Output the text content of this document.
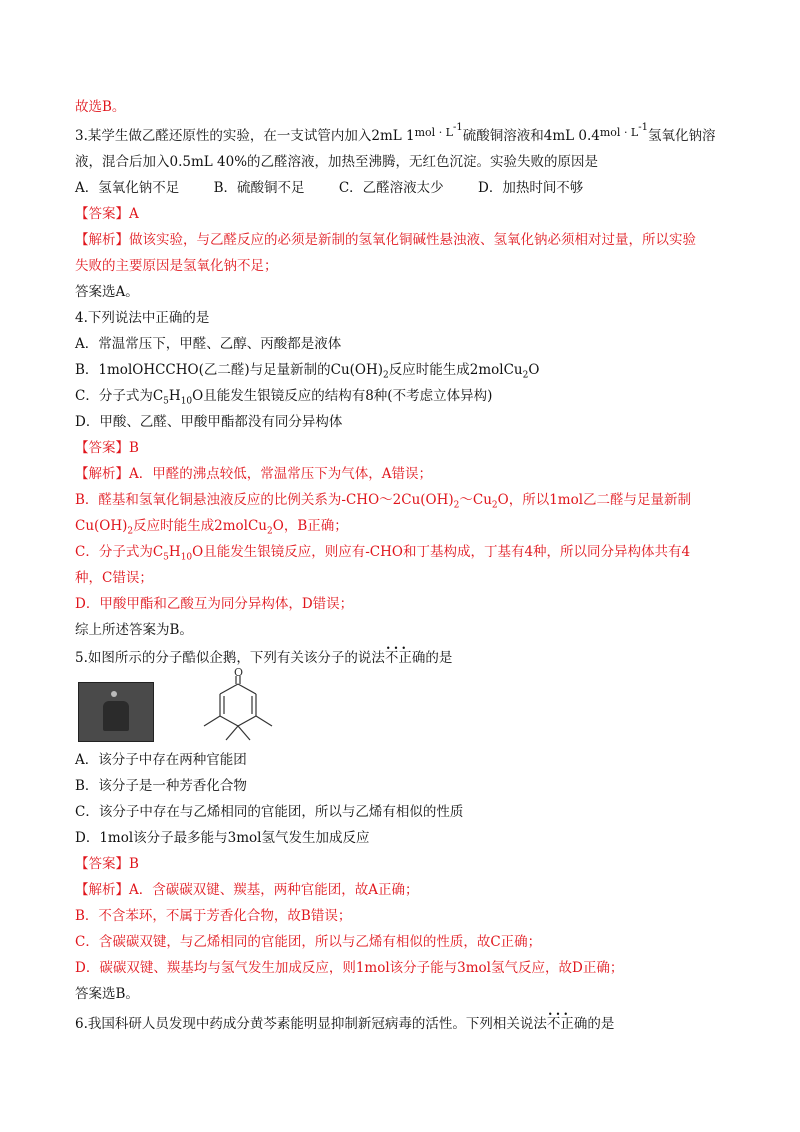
故选B。
3.某学生做乙醛还原性的实验，在一支试管内加入2mL $1^{mol \cdot L-1}$硫酸铜溶液和4mL $0.4^{mol \cdot L-1}$氢氧化钠溶
液，混合后加入0.5mL 40%的乙醛溶液，加热至沸腾，无红色沉淀。实验失败的原因是
A．氢氧化钠不足        B．硫酸铜不足        C．乙醛溶液太少        D．加热时间不够
【答案】A
【解析】做该实验，与乙醛反应的必须是新制的氢氧化铜碱性悬浊液、氢氧化钠必须相对过量，所以实验
失败的主要原因是氢氧化钠不足；
答案选A。
4.下列说法中正确的是
A．常温常压下，甲醛、乙醇、丙酸都是液体
B．1molOHCCHO(乙二醛)与足量新制的$Cu(OH)_2$反应时能生成2molCu$_2$O
C．分子式为$C_5H_{10}O$且能发生银镜反应的结构有8种(不考虑立体异构)
D．甲酸、乙醛、甲酸甲酯都没有同分异构体
【答案】B
【解析】A．甲醛的沸点较低，常温常压下为气体，A错误；
B．醛基和氢氧化铜悬浊液反应的比例关系为$-CHO\sim 2Cu(OH)_2\sim Cu_2O$，所以1mol乙二醛与足量新制
$Cu(OH)_2$反应时能生成2molCu$_2$O，B正确；
C．分子式为$C_5H_{10}O$且能发生银镜反应，则应有-CHO和丁基构成，丁基有4种，所以同分异构体共有4
种，C错误；
D．甲酸甲酯和乙酸互为同分异构体，D错误；
综上所述答案为B。
5.如图所示的分子酷似企鹅，下列有关该分子的说法••• 不正确的是
O
A．该分子中存在两种官能团
B．该分子是一种芳香化合物
C．该分子中存在与乙烯相同的官能团，所以与乙烯有相似的性质
D．1mol该分子最多能与3mol氢气发生加成反应
【答案】B
【解析】A．含碳碳双键、羰基，两种官能团，故A正确；
B．不含苯环，不属于芳香化合物，故B错误；
C．含碳碳双键，与乙烯相同的官能团，所以与乙烯有相似的性质，故C正确；
D．碳碳双键、羰基均与氢气发生加成反应，则1mol该分子能与3mol氢气反应，故D正确；
答案选B。
6.我国科研人员发现中药成分黄芩素能明显抑制新冠病毒的活性。下列相关说法••• 不正确的是
